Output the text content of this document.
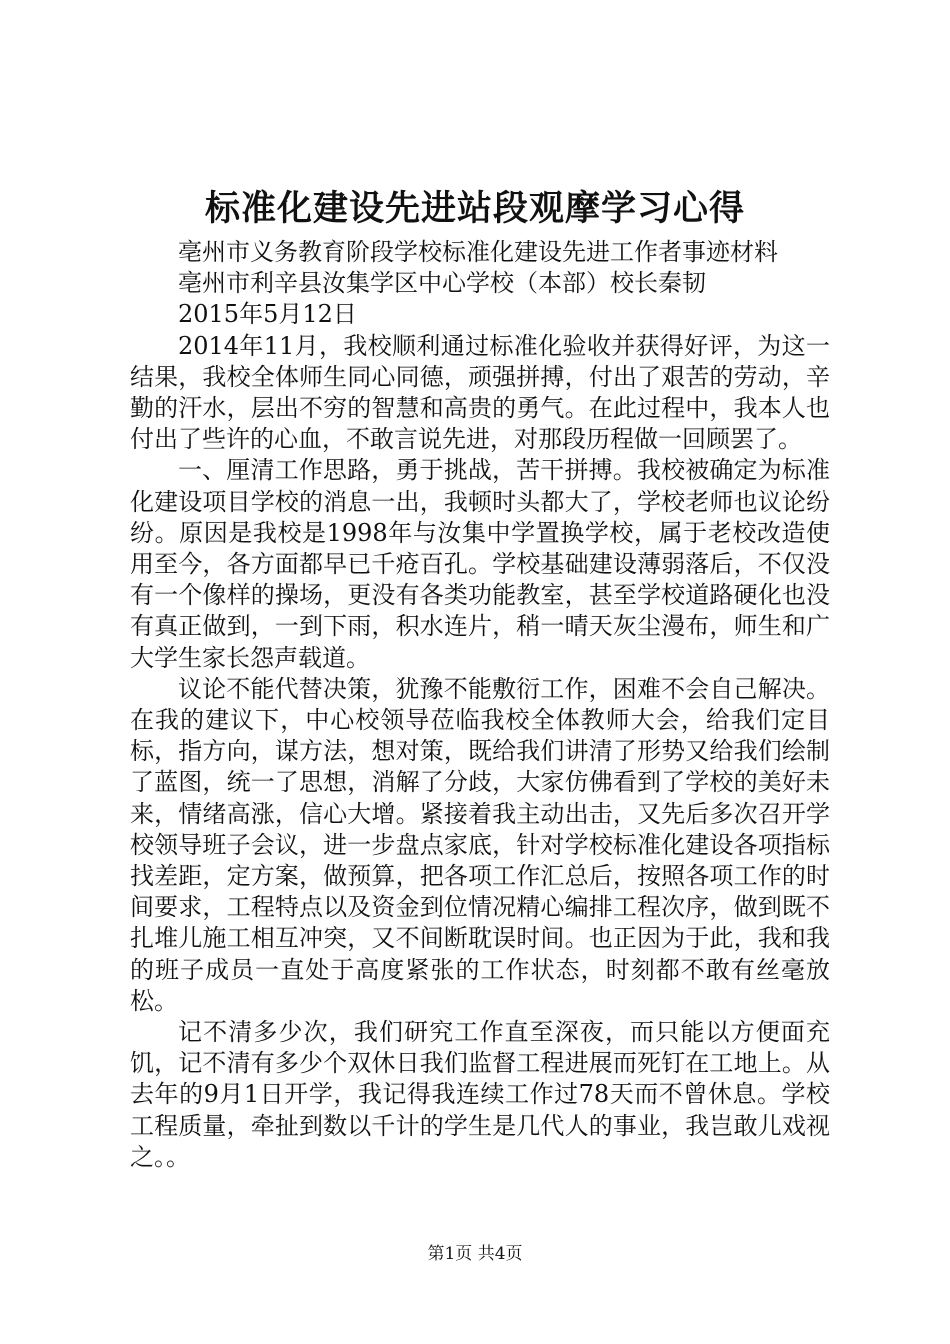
标准化建设先进站段观摩学习心得

亳州市义务教育阶段学校标准化建设先进工作者事迹材料

亳州市利辛县汝集学区中心学校（本部）校长秦韧

2015年5月12日

2014年11月，我校顺利通过标准化验收并获得好评，为这一结果，我校全体师生同心同德，顽强拼搏，付出了艰苦的劳动，辛勤的汗水，层出不穷的智慧和高贵的勇气。在此过程中，我本人也付出了些许的心血，不敢言说先进，对那段历程做一回顾罢了。

一、厘清工作思路，勇于挑战，苦干拼搏。我校被确定为标准化建设项目学校的消息一出，我顿时头都大了，学校老师也议论纷纷。原因是我校是1998年与汝集中学置换学校，属于老校改造使用至今，各方面都早已千疮百孔。学校基础建设薄弱落后，不仅没有一个像样的操场，更没有各类功能教室，甚至学校道路硬化也没有真正做到，一到下雨，积水连片，稍一晴天灰尘漫布，师生和广大学生家长怨声载道。

议论不能代替决策，犹豫不能敷衍工作，困难不会自己解决。在我的建议下，中心校领导莅临我校全体教师大会，给我们定目标，指方向，谋方法，想对策，既给我们讲清了形势又给我们绘制了蓝图，统一了思想，消解了分歧，大家仿佛看到了学校的美好未来，情绪高涨，信心大增。紧接着我主动出击，又先后多次召开学校领导班子会议，进一步盘点家底，针对学校标准化建设各项指标找差距，定方案，做预算，把各项工作汇总后，按照各项工作的时间要求，工程特点以及资金到位情况精心编排工程次序，做到既不扎堆儿施工相互冲突，又不间断耽误时间。也正因为于此，我和我的班子成员一直处于高度紧张的工作状态，时刻都不敢有丝毫放松。

记不清多少次，我们研究工作直至深夜，而只能以方便面充饥，记不清有多少个双休日我们监督工程进展而死钉在工地上。从去年的9月1日开学，我记得我连续工作过78天而不曾休息。学校工程质量，牵扯到数以千计的学生是几代人的事业，我岂敢儿戏视之。。

第1页 共4页
